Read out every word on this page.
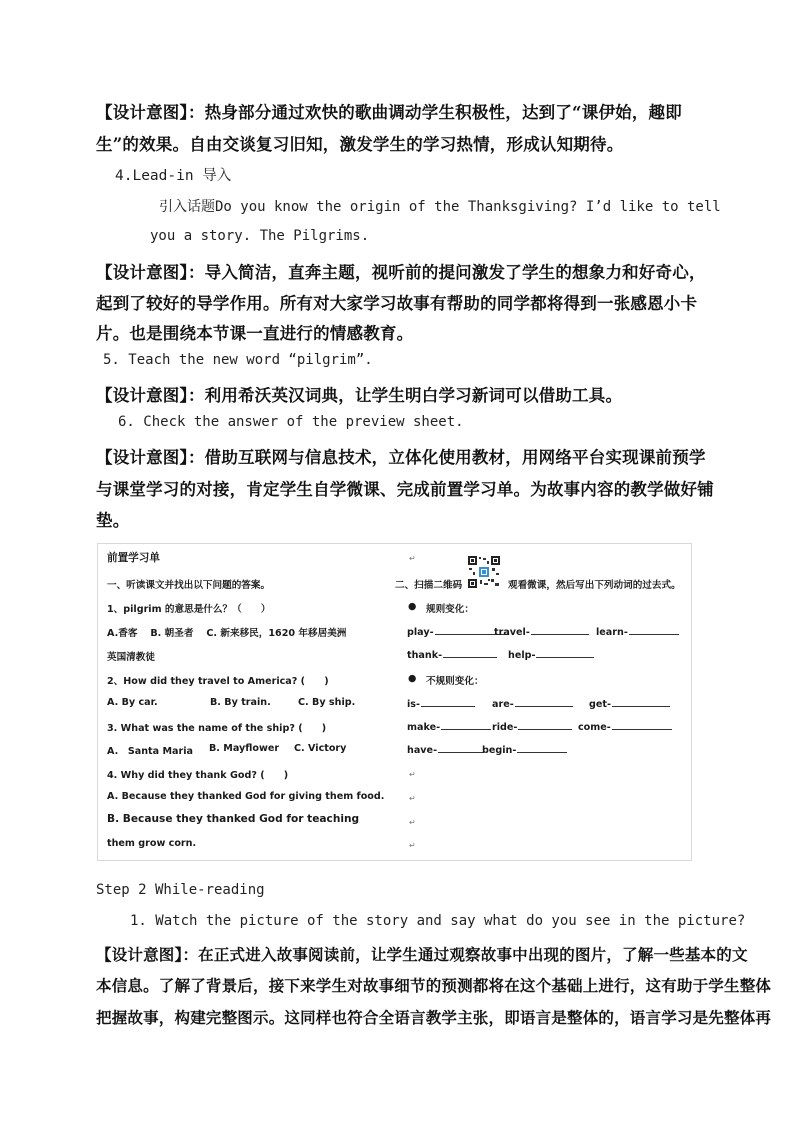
【设计意图】：热身部分通过欢快的歌曲调动学生积极性，达到了“课伊始，趣即
生”的效果。自由交谈复习旧知，激发学生的学习热情，形成认知期待。
4.Lead-in 导入
引入话题Do you know the origin of the Thanksgiving? I’d like to tell
you a story. The Pilgrims.
【设计意图】：导入简洁，直奔主题，视听前的提问激发了学生的想象力和好奇心，
起到了较好的导学作用。所有对大家学习故事有帮助的同学都将得到一张感恩小卡
片。也是围绕本节课一直进行的情感教育。
5. Teach the new word “pilgrim”.
【设计意图】：利用希沃英汉词典，让学生明白学习新词可以借助工具。
6. Check the answer of the preview sheet.
【设计意图】：借助互联网与信息技术，立体化使用教材，用网络平台实现课前预学
与课堂学习的对接，肯定学生自学微课、完成前置学习单。为故事内容的教学做好铺
垫。
前置学习单	↵
一、听读课文并找出以下问题的答案。
1、pilgrim 的意思是什么？（　　）
A.香客　 B. 朝圣者　 C. 新来移民，1620 年移居美洲
英国清教徒
2、How did they travel to America? (　　)
A. By car.	B. By train.	C. By ship.
3. What was the name of the ship? (　　)
A.　Santa Maria B. Mayflower C. Victory
4. Why did they thank God? (　　)
A. Because they thanked God for giving them food.
B. Because they thanked God for teaching
them grow corn.
二、扫描二维码	观看微课，然后写出下列动词的过去式。
● 规则变化：
play-	travel-	learn-
thank-	help-
● 不规则变化：
is-	are-	get-
make-	ride-	come-
have-	begin-
↵
↵
↵
↵
Step 2 While-reading
1. Watch the picture of the story and say what do you see in the picture?
【设计意图】：在正式进入故事阅读前，让学生通过观察故事中出现的图片，了解一些基本的文
本信息。了解了背景后，接下来学生对故事细节的预测都将在这个基础上进行，这有助于学生整体
把握故事，构建完整图示。这同样也符合全语言教学主张，即语言是整体的，语言学习是先整体再
